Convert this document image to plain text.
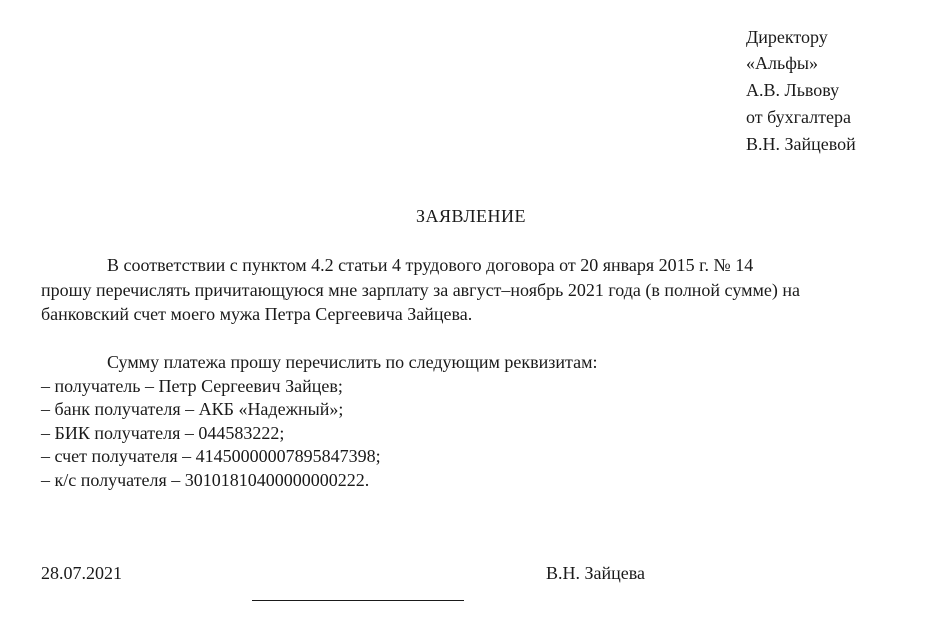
Директору
«Альфы»
А.В. Львову
от бухгалтера
В.Н. Зайцевой
ЗАЯВЛЕНИЕ
В соответствии с пунктом 4.2 статьи 4 трудового договора от 20 января 2015 г. № 14
прошу перечислять причитающуюся мне зарплату за август–ноябрь 2021 года (в полной сумме) на
банковский счет моего мужа Петра Сергеевича Зайцева.
Сумму платежа прошу перечислить по следующим реквизитам:
– получатель – Петр Сергеевич Зайцев;
– банк получателя – АКБ «Надежный»;
– БИК получателя – 044583222;
– счет получателя – 41450000007895847398;
– к/с получателя – 30101810400000000222.
28.07.2021	В.Н. Зайцева
